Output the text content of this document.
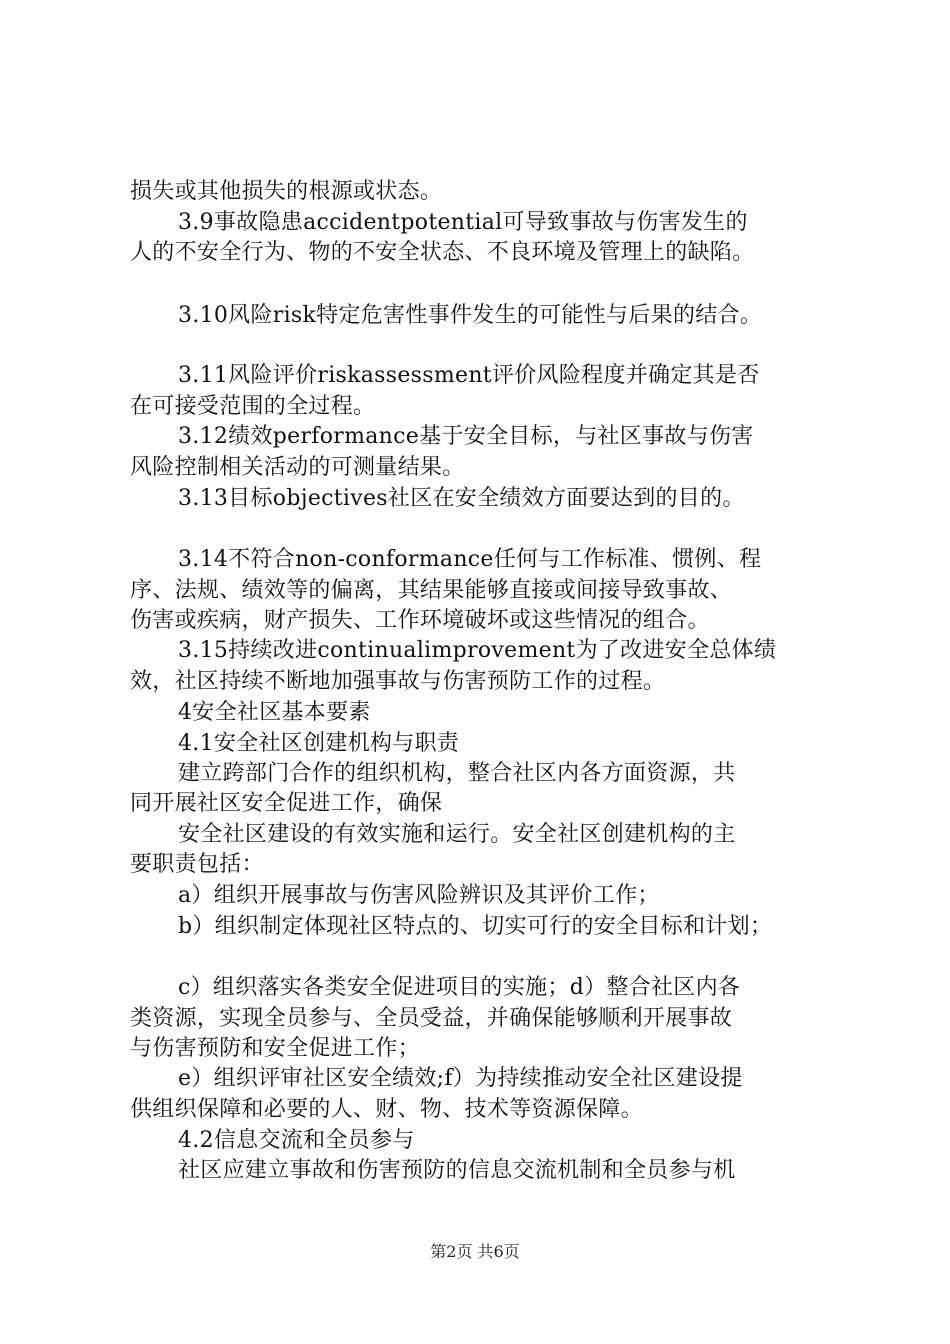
损失或其他损失的根源或状态。
3.9事故隐患accidentpotential可导致事故与伤害发生的
人的不安全行为、物的不安全状态、不良环境及管理上的缺陷。
3.10风险risk特定危害性事件发生的可能性与后果的结合。
3.11风险评价riskassessment评价风险程度并确定其是否
在可接受范围的全过程。
3.12绩效performance基于安全目标，与社区事故与伤害
风险控制相关活动的可测量结果。
3.13目标objectives社区在安全绩效方面要达到的目的。
3.14不符合non-conformance任何与工作标准、惯例、程
序、法规、绩效等的偏离，其结果能够直接或间接导致事故、
伤害或疾病，财产损失、工作环境破坏或这些情况的组合。
3.15持续改进continualimprovement为了改进安全总体绩
效，社区持续不断地加强事故与伤害预防工作的过程。
4安全社区基本要素
4.1安全社区创建机构与职责
建立跨部门合作的组织机构，整合社区内各方面资源，共
同开展社区安全促进工作，确保
安全社区建设的有效实施和运行。安全社区创建机构的主
要职责包括：
a）组织开展事故与伤害风险辨识及其评价工作；
b）组织制定体现社区特点的、切实可行的安全目标和计划；
c）组织落实各类安全促进项目的实施；d）整合社区内各
类资源，实现全员参与、全员受益，并确保能够顺利开展事故
与伤害预防和安全促进工作；
e）组织评审社区安全绩效;f）为持续推动安全社区建设提
供组织保障和必要的人、财、物、技术等资源保障。
4.2信息交流和全员参与
社区应建立事故和伤害预防的信息交流机制和全员参与机
第2页 共6页
